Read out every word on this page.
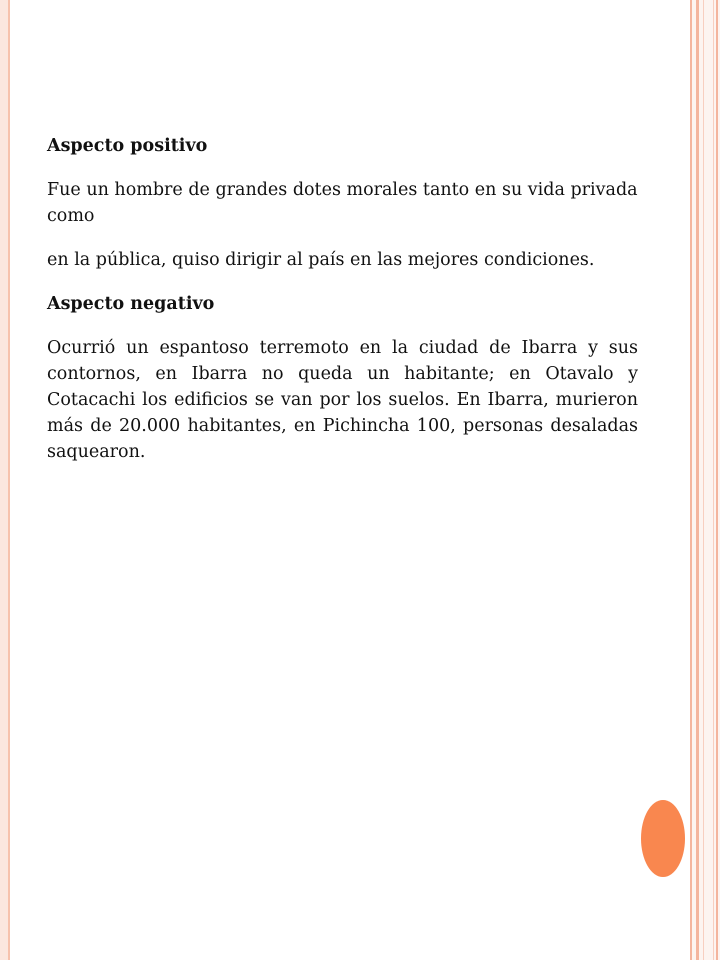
Aspecto positivo

Fue un hombre de grandes dotes morales tanto en su vida privada como

en la pública, quiso dirigir al país en las mejores condiciones.

Aspecto negativo

Ocurrió un espantoso terremoto en la ciudad de Ibarra y sus contornos, en Ibarra no queda un habitante; en Otavalo y Cotacachi los edificios se van por los suelos. En Ibarra, murieron más de 20.000 habitantes, en Pichincha 100, personas desaladas saquearon.
